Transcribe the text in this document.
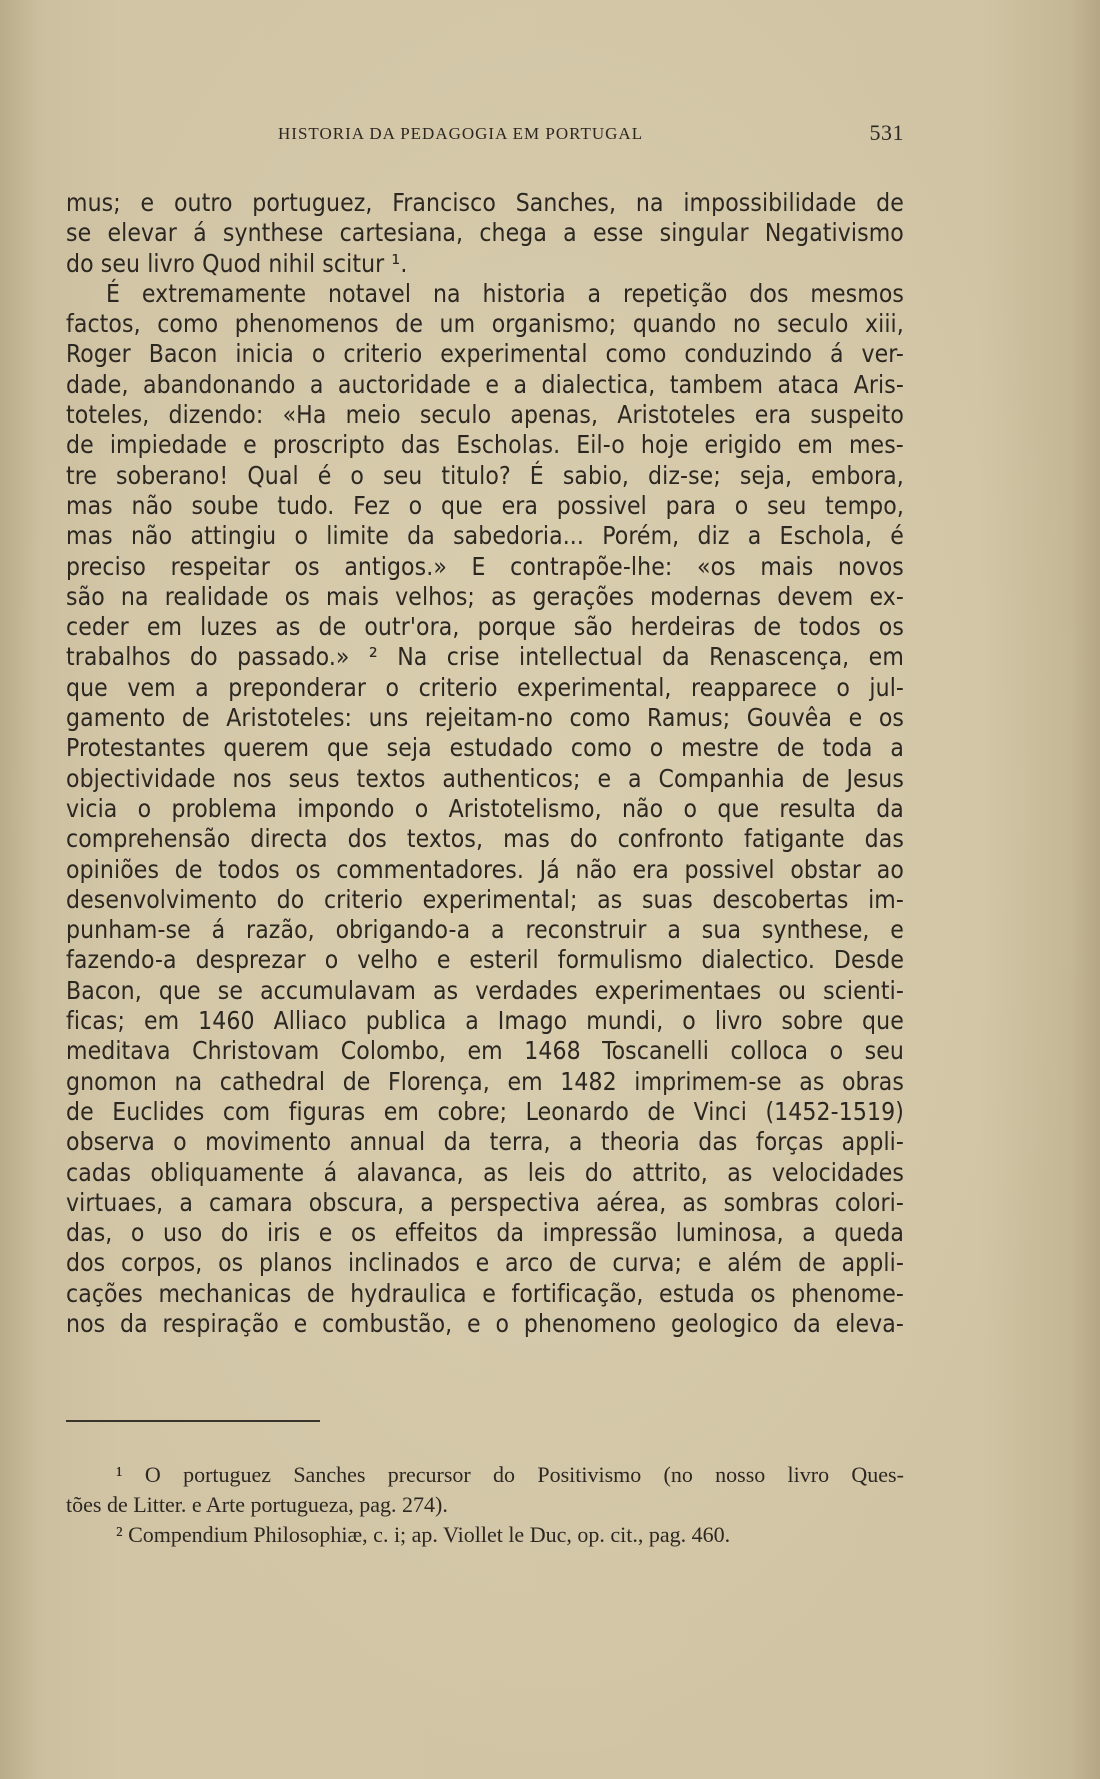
HISTORIA DA PEDAGOGIA EM PORTUGAL	531
mus; e outro portuguez, Francisco Sanches, na impossibilidade de
se elevar á synthese cartesiana, chega a esse singular Negativismo
do seu livro Quod nihil scitur ¹.
É extremamente notavel na historia a repetição dos mesmos
factos, como phenomenos de um organismo; quando no seculo xiii,
Roger Bacon inicia o criterio experimental como conduzindo á ver-
dade, abandonando a auctoridade e a dialectica, tambem ataca Aris-
toteles, dizendo: «Ha meio seculo apenas, Aristoteles era suspeito
de impiedade e proscripto das Escholas. Eil-o hoje erigido em mes-
tre soberano! Qual é o seu titulo? É sabio, diz-se; seja, embora,
mas não soube tudo. Fez o que era possivel para o seu tempo,
mas não attingiu o limite da sabedoria... Porém, diz a Eschola, é
preciso respeitar os antigos.» E contrapõe-lhe: «os mais novos
são na realidade os mais velhos; as gerações modernas devem ex-
ceder em luzes as de outr'ora, porque são herdeiras de todos os
trabalhos do passado.» ² Na crise intellectual da Renascença, em
que vem a preponderar o criterio experimental, reapparece o jul-
gamento de Aristoteles: uns rejeitam-no como Ramus; Gouvêa e os
Protestantes querem que seja estudado como o mestre de toda a
objectividade nos seus textos authenticos; e a Companhia de Jesus
vicia o problema impondo o Aristotelismo, não o que resulta da
comprehensão directa dos textos, mas do confronto fatigante das
opiniões de todos os commentadores. Já não era possivel obstar ao
desenvolvimento do criterio experimental; as suas descobertas im-
punham-se á razão, obrigando-a a reconstruir a sua synthese, e
fazendo-a desprezar o velho e esteril formulismo dialectico. Desde
Bacon, que se accumulavam as verdades experimentaes ou scienti-
ficas; em 1460 Alliaco publica a Imago mundi, o livro sobre que
meditava Christovam Colombo, em 1468 Toscanelli colloca o seu
gnomon na cathedral de Florença, em 1482 imprimem-se as obras
de Euclides com figuras em cobre; Leonardo de Vinci (1452-1519)
observa o movimento annual da terra, a theoria das forças appli-
cadas obliquamente á alavanca, as leis do attrito, as velocidades
virtuaes, a camara obscura, a perspectiva aérea, as sombras colori-
das, o uso do iris e os effeitos da impressão luminosa, a queda
dos corpos, os planos inclinados e arco de curva; e além de appli-
cações mechanicas de hydraulica e fortificação, estuda os phenome-
nos da respiração e combustão, e o phenomeno geologico da eleva-
¹ O portuguez Sanches precursor do Positivismo (no nosso livro Ques-
tões de Litter. e Arte portugueza, pag. 274).
² Compendium Philosophiæ, c. i; ap. Viollet le Duc, op. cit., pag. 460.
